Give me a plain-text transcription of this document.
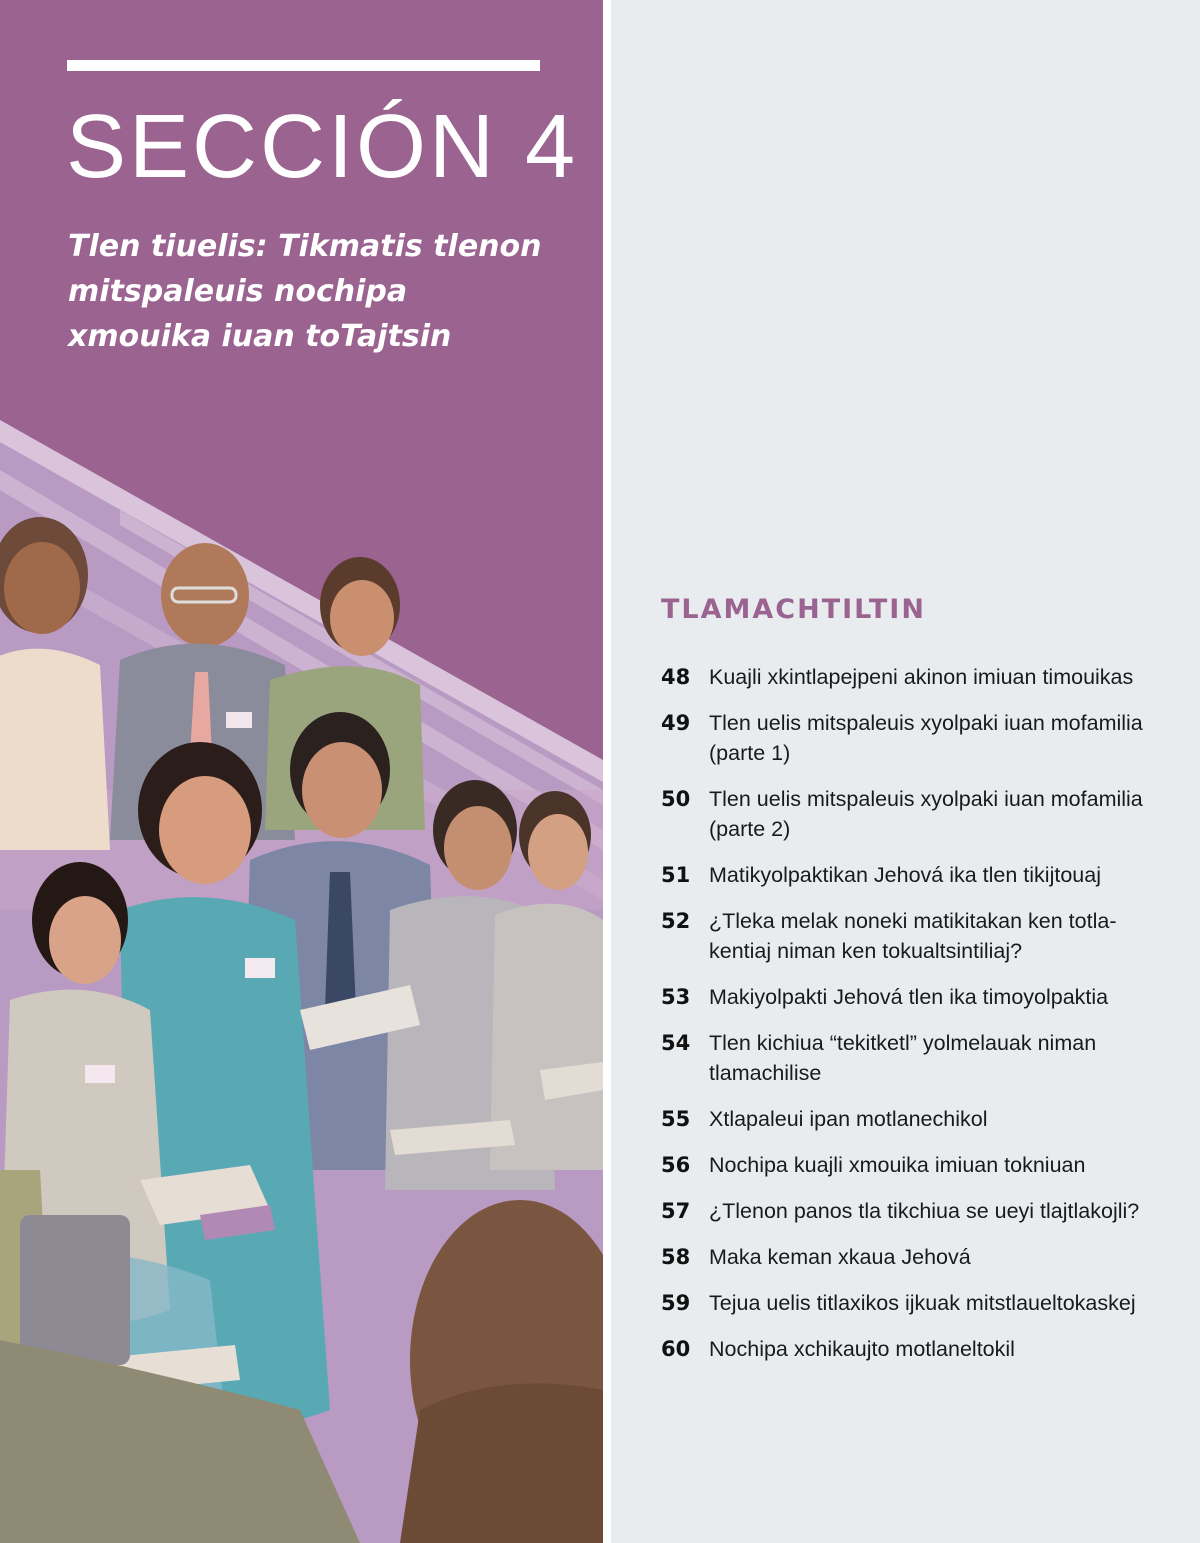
SECCIÓN 4

Tlen tiuelis: Tikmatis tlenon mitspaleuis nochipa xmouika iuan toTajtsin

TLAMACHTILTIN
48 Kuajli xkintlapejpeni akinon imiuan timouikas
49 Tlen uelis mitspaleuis xyolpaki iuan mofamilia (parte 1)
50 Tlen uelis mitspaleuis xyolpaki iuan mofamilia (parte 2)
51 Matikyolpaktikan Jehová ika tlen tikijtouaj
52 ¿Tleka melak noneki matikitakan ken totlakentiaj niman ken tokualtsintiliaj?
53 Makiyolpakti Jehová tlen ika timoyolpaktia
54 Tlen kichiua “tekitketl” yolmelauak niman tlamachilise
55 Xtlapaleui ipan motlanechikol
56 Nochipa kuajli xmouika imiuan tokniuan
57 ¿Tlenon panos tla tikchiua se ueyi tlajtlakojli?
58 Maka keman xkaua Jehová
59 Tejua uelis titlaxikos ijkuak mitstlaueltokaskej
60 Nochipa xchikaujto motlaneltokil
